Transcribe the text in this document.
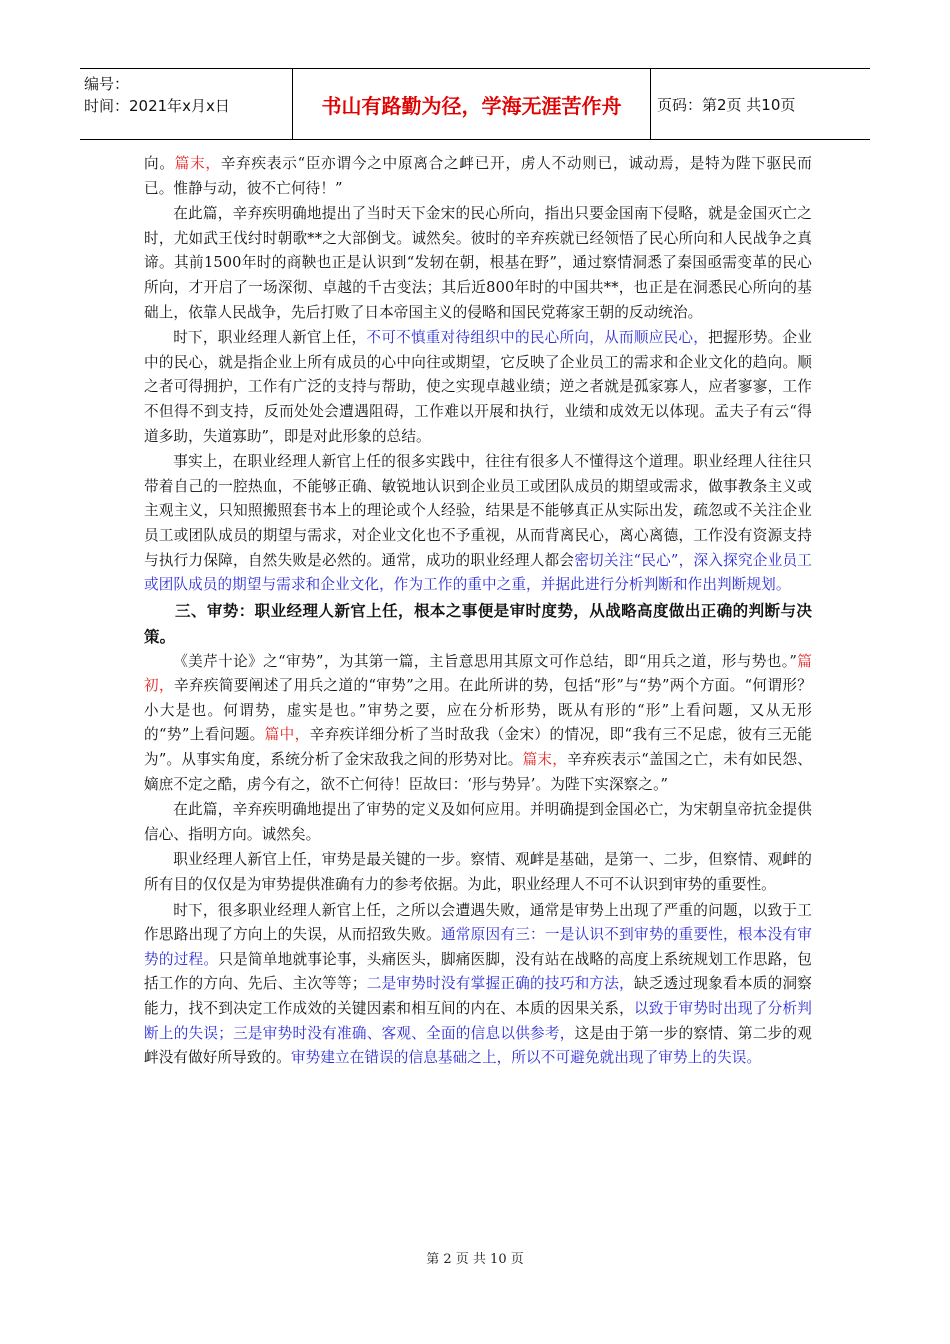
编号：
时间：2021年x月x日	书山有路勤为径，学海无涯苦作舟	页码：第2页 共10页

向。篇末，辛弃疾表示“臣亦谓今之中原离合之衅已开，虏人不动则已，诚动焉，是特为陛下驱民而已。惟静与动，彼不亡何待！”

在此篇，辛弃疾明确地提出了当时天下金宋的民心所向，指出只要金国南下侵略，就是金国灭亡之时，尤如武王伐纣时朝歌**之大部倒戈。诚然矣。彼时的辛弃疾就已经领悟了民心所向和人民战争之真谛。其前1500年时的商鞅也正是认识到“发轫在朝，根基在野”，通过察情洞悉了秦国亟需变革的民心所向，才开启了一场深彻、卓越的千古变法；其后近800年时的中国共**，也正是在洞悉民心所向的基础上，依靠人民战争，先后打败了日本帝国主义的侵略和国民党蒋家王朝的反动统治。

时下，职业经理人新官上任，不可不慎重对待组织中的民心所向，从而顺应民心，把握形势。企业中的民心，就是指企业上所有成员的心中向往或期望，它反映了企业员工的需求和企业文化的趋向。顺之者可得拥护，工作有广泛的支持与帮助，使之实现卓越业绩；逆之者就是孤家寡人，应者寥寥，工作不但得不到支持，反而处处会遭遇阻碍，工作难以开展和执行，业绩和成效无以体现。孟夫子有云“得道多助，失道寡助”，即是对此形象的总结。

事实上，在职业经理人新官上任的很多实践中，往往有很多人不懂得这个道理。职业经理人往往只带着自己的一腔热血，不能够正确、敏锐地认识到企业员工或团队成员的期望或需求，做事教条主义或主观主义，只知照搬照套书本上的理论或个人经验，结果是不能够真正从实际出发，疏忽或不关注企业员工或团队成员的期望与需求，对企业文化也不予重视，从而背离民心，离心离德，工作没有资源支持与执行力保障，自然失败是必然的。通常，成功的职业经理人都会密切关注“民心”，深入探究企业员工或团队成员的期望与需求和企业文化，作为工作的重中之重，并据此进行分析判断和作出判断规划。

三、审势：职业经理人新官上任，根本之事便是审时度势，从战略高度做出正确的判断与决策。

《美芹十论》之“审势”，为其第一篇，主旨意思用其原文可作总结，即“用兵之道，形与势也。”篇初，辛弃疾简要阐述了用兵之道的“审势”之用。在此所讲的势，包括“形”与“势”两个方面。“何谓形？小大是也。何谓势，虚实是也。”审势之要，应在分析形势，既从有形的“形”上看问题，又从无形的“势”上看问题。篇中，辛弃疾详细分析了当时敌我（金宋）的情况，即“我有三不足虑，彼有三无能为”。从事实角度，系统分析了金宋敌我之间的形势对比。篇末，辛弃疾表示“盖国之亡，未有如民怨、嫡庶不定之酷，虏今有之，欲不亡何待！臣故曰：‘形与势异’。为陛下实深察之。”

在此篇，辛弃疾明确地提出了审势的定义及如何应用。并明确提到金国必亡，为宋朝皇帝抗金提供信心、指明方向。诚然矣。

职业经理人新官上任，审势是最关键的一步。察情、观衅是基础，是第一、二步，但察情、观衅的所有目的仅仅是为审势提供准确有力的参考依据。为此，职业经理人不可不认识到审势的重要性。

时下，很多职业经理人新官上任，之所以会遭遇失败，通常是审势上出现了严重的问题，以致于工作思路出现了方向上的失误，从而招致失败。通常原因有三：一是认识不到审势的重要性，根本没有审势的过程。只是简单地就事论事，头痛医头，脚痛医脚，没有站在战略的高度上系统规划工作思路，包括工作的方向、先后、主次等等；二是审势时没有掌握正确的技巧和方法，缺乏透过现象看本质的洞察能力，找不到决定工作成效的关键因素和相互间的内在、本质的因果关系，以致于审势时出现了分析判断上的失误；三是审势时没有准确、客观、全面的信息以供参考，这是由于第一步的察情、第二步的观衅没有做好所导致的。审势建立在错误的信息基础之上，所以不可避免就出现了审势上的失误。

第 2 页 共 10 页
